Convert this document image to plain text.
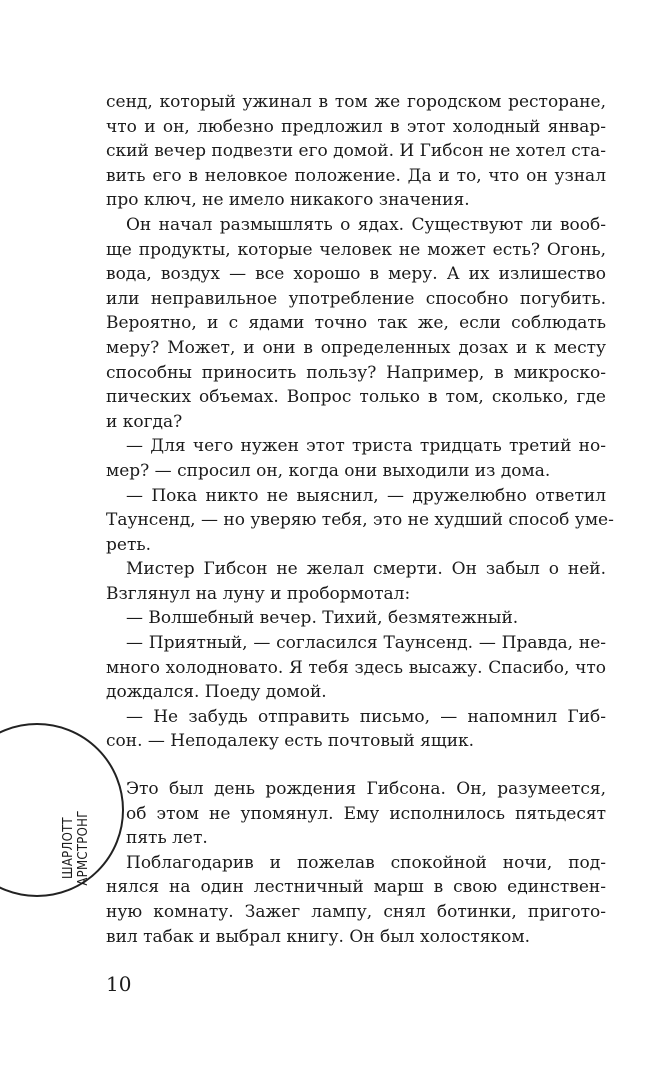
ШАРЛОТТ АРМСТРОНГ

сенд, который ужинал в том же городском ресторане,

что и он, любезно предложил в этот холодный январ-

ский вечер подвезти его домой. И Гибсон не хотел ста-

вить его в неловкое положение. Да и то, что он узнал

про ключ, не имело никакого значения.

Он начал размышлять о ядах. Существуют ли вооб-

ще продукты, которые человек не может есть? Огонь,

вода, воздух — все хорошо в меру. А их излишество

или неправильное употребление способно погубить.

Вероятно, и с ядами точно так же, если соблюдать

меру? Может, и они в определенных дозах и к месту

способны приносить пользу? Например, в микроско-

пических объемах. Вопрос только в том, сколько, где

и когда?

— Для чего нужен этот триста тридцать третий но-

мер? — спросил он, когда они выходили из дома.

— Пока никто не выяснил, — дружелюбно ответил

Таунсенд, — но уверяю тебя, это не худший способ уме-

реть.

Мистер Гибсон не желал смерти. Он забыл о ней.

Взглянул на луну и пробормотал:

— Волшебный вечер. Тихий, безмятежный.

— Приятный, — согласился Таунсенд. — Правда, не-

много холодновато. Я тебя здесь высажу. Спасибо, что

дождался. Поеду домой.

— Не забудь отправить письмо, — напомнил Гиб-

сон. — Неподалеку есть почтовый ящик.

Это был день рождения Гибсона. Он, разумеется,

об этом не упомянул. Ему исполнилось пятьдесят

пять лет.

Поблагодарив и пожелав спокойной ночи, под-

нялся на один лестничный марш в свою единствен-

ную комнату. Зажег лампу, снял ботинки, пригото-

вил табак и выбрал книгу. Он был холостяком.

10
